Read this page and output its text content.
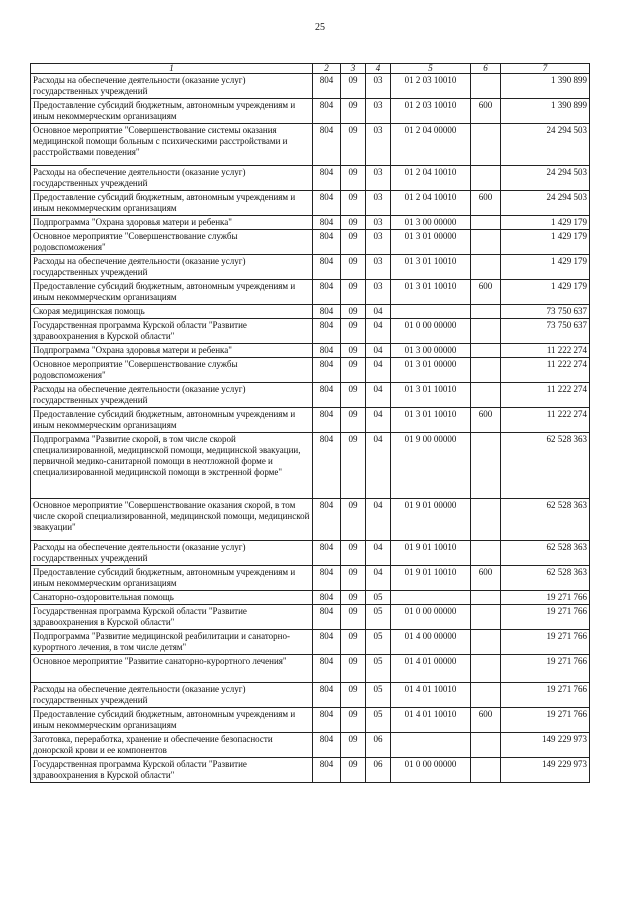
25
1	2	3	4	5	6	7
Расходы на обеспечение деятельности (оказание услуг) государственных учреждений	804	09	03	01 2 03 10010		1 390 899
Предоставление субсидий бюджетным, автономным учреждениям и иным некоммерческим организациям	804	09	03	01 2 03 10010	600	1 390 899
Основное мероприятие "Совершенствование системы оказания медицинской помощи больным с психическими расстройствами и расстройствами поведения"	804	09	03	01 2 04 00000		24 294 503
Расходы на обеспечение деятельности (оказание услуг) государственных учреждений	804	09	03	01 2 04 10010		24 294 503
Предоставление субсидий бюджетным, автономным учреждениям и иным некоммерческим организациям	804	09	03	01 2 04 10010	600	24 294 503
Подпрограмма "Охрана здоровья матери и ребенка"	804	09	03	01 3 00 00000		1 429 179
Основное мероприятие "Совершенствование службы родовспоможения"	804	09	03	01 3 01 00000		1 429 179
Расходы на обеспечение деятельности (оказание услуг) государственных учреждений	804	09	03	01 3 01 10010		1 429 179
Предоставление субсидий бюджетным, автономным учреждениям и иным некоммерческим организациям	804	09	03	01 3 01 10010	600	1 429 179
Скорая медицинская помощь	804	09	04			73 750 637
Государственная программа Курской области "Развитие здравоохранения в Курской области"	804	09	04	01 0 00 00000		73 750 637
Подпрограмма "Охрана здоровья матери и ребенка"	804	09	04	01 3 00 00000		11 222 274
Основное мероприятие "Совершенствование службы родовспоможения"	804	09	04	01 3 01 00000		11 222 274
Расходы на обеспечение деятельности (оказание услуг) государственных учреждений	804	09	04	01 3 01 10010		11 222 274
Предоставление субсидий бюджетным, автономным учреждениям и иным некоммерческим организациям	804	09	04	01 3 01 10010	600	11 222 274
Подпрограмма "Развитие скорой, в том числе скорой специализированной, медицинской помощи, медицинской эвакуации, первичной медико-санитарной помощи в неотложной форме и специализированной медицинской помощи в экстренной форме"	804	09	04	01 9 00 00000		62 528 363
Основное мероприятие "Совершенствование оказания скорой, в том числе скорой специализированной, медицинской помощи, медицинской эвакуации"	804	09	04	01 9 01 00000		62 528 363
Расходы на обеспечение деятельности (оказание услуг) государственных учреждений	804	09	04	01 9 01 10010		62 528 363
Предоставление субсидий бюджетным, автономным учреждениям и иным некоммерческим организациям	804	09	04	01 9 01 10010	600	62 528 363
Санаторно-оздоровительная помощь	804	09	05			19 271 766
Государственная программа Курской области "Развитие здравоохранения в Курской области"	804	09	05	01 0 00 00000		19 271 766
Подпрограмма "Развитие медицинской реабилитации и санаторно-курортного лечения, в том числе детям"	804	09	05	01 4 00 00000		19 271 766
Основное мероприятие "Развитие санаторно-курортного лечения"	804	09	05	01 4 01 00000		19 271 766
Расходы на обеспечение деятельности (оказание услуг) государственных учреждений	804	09	05	01 4 01 10010		19 271 766
Предоставление субсидий бюджетным, автономным учреждениям и иным некоммерческим организациям	804	09	05	01 4 01 10010	600	19 271 766
Заготовка, переработка, хранение и обеспечение безопасности донорской крови и ее компонентов	804	09	06			149 229 973
Государственная программа Курской области "Развитие здравоохранения в Курской области"	804	09	06	01 0 00 00000		149 229 973
